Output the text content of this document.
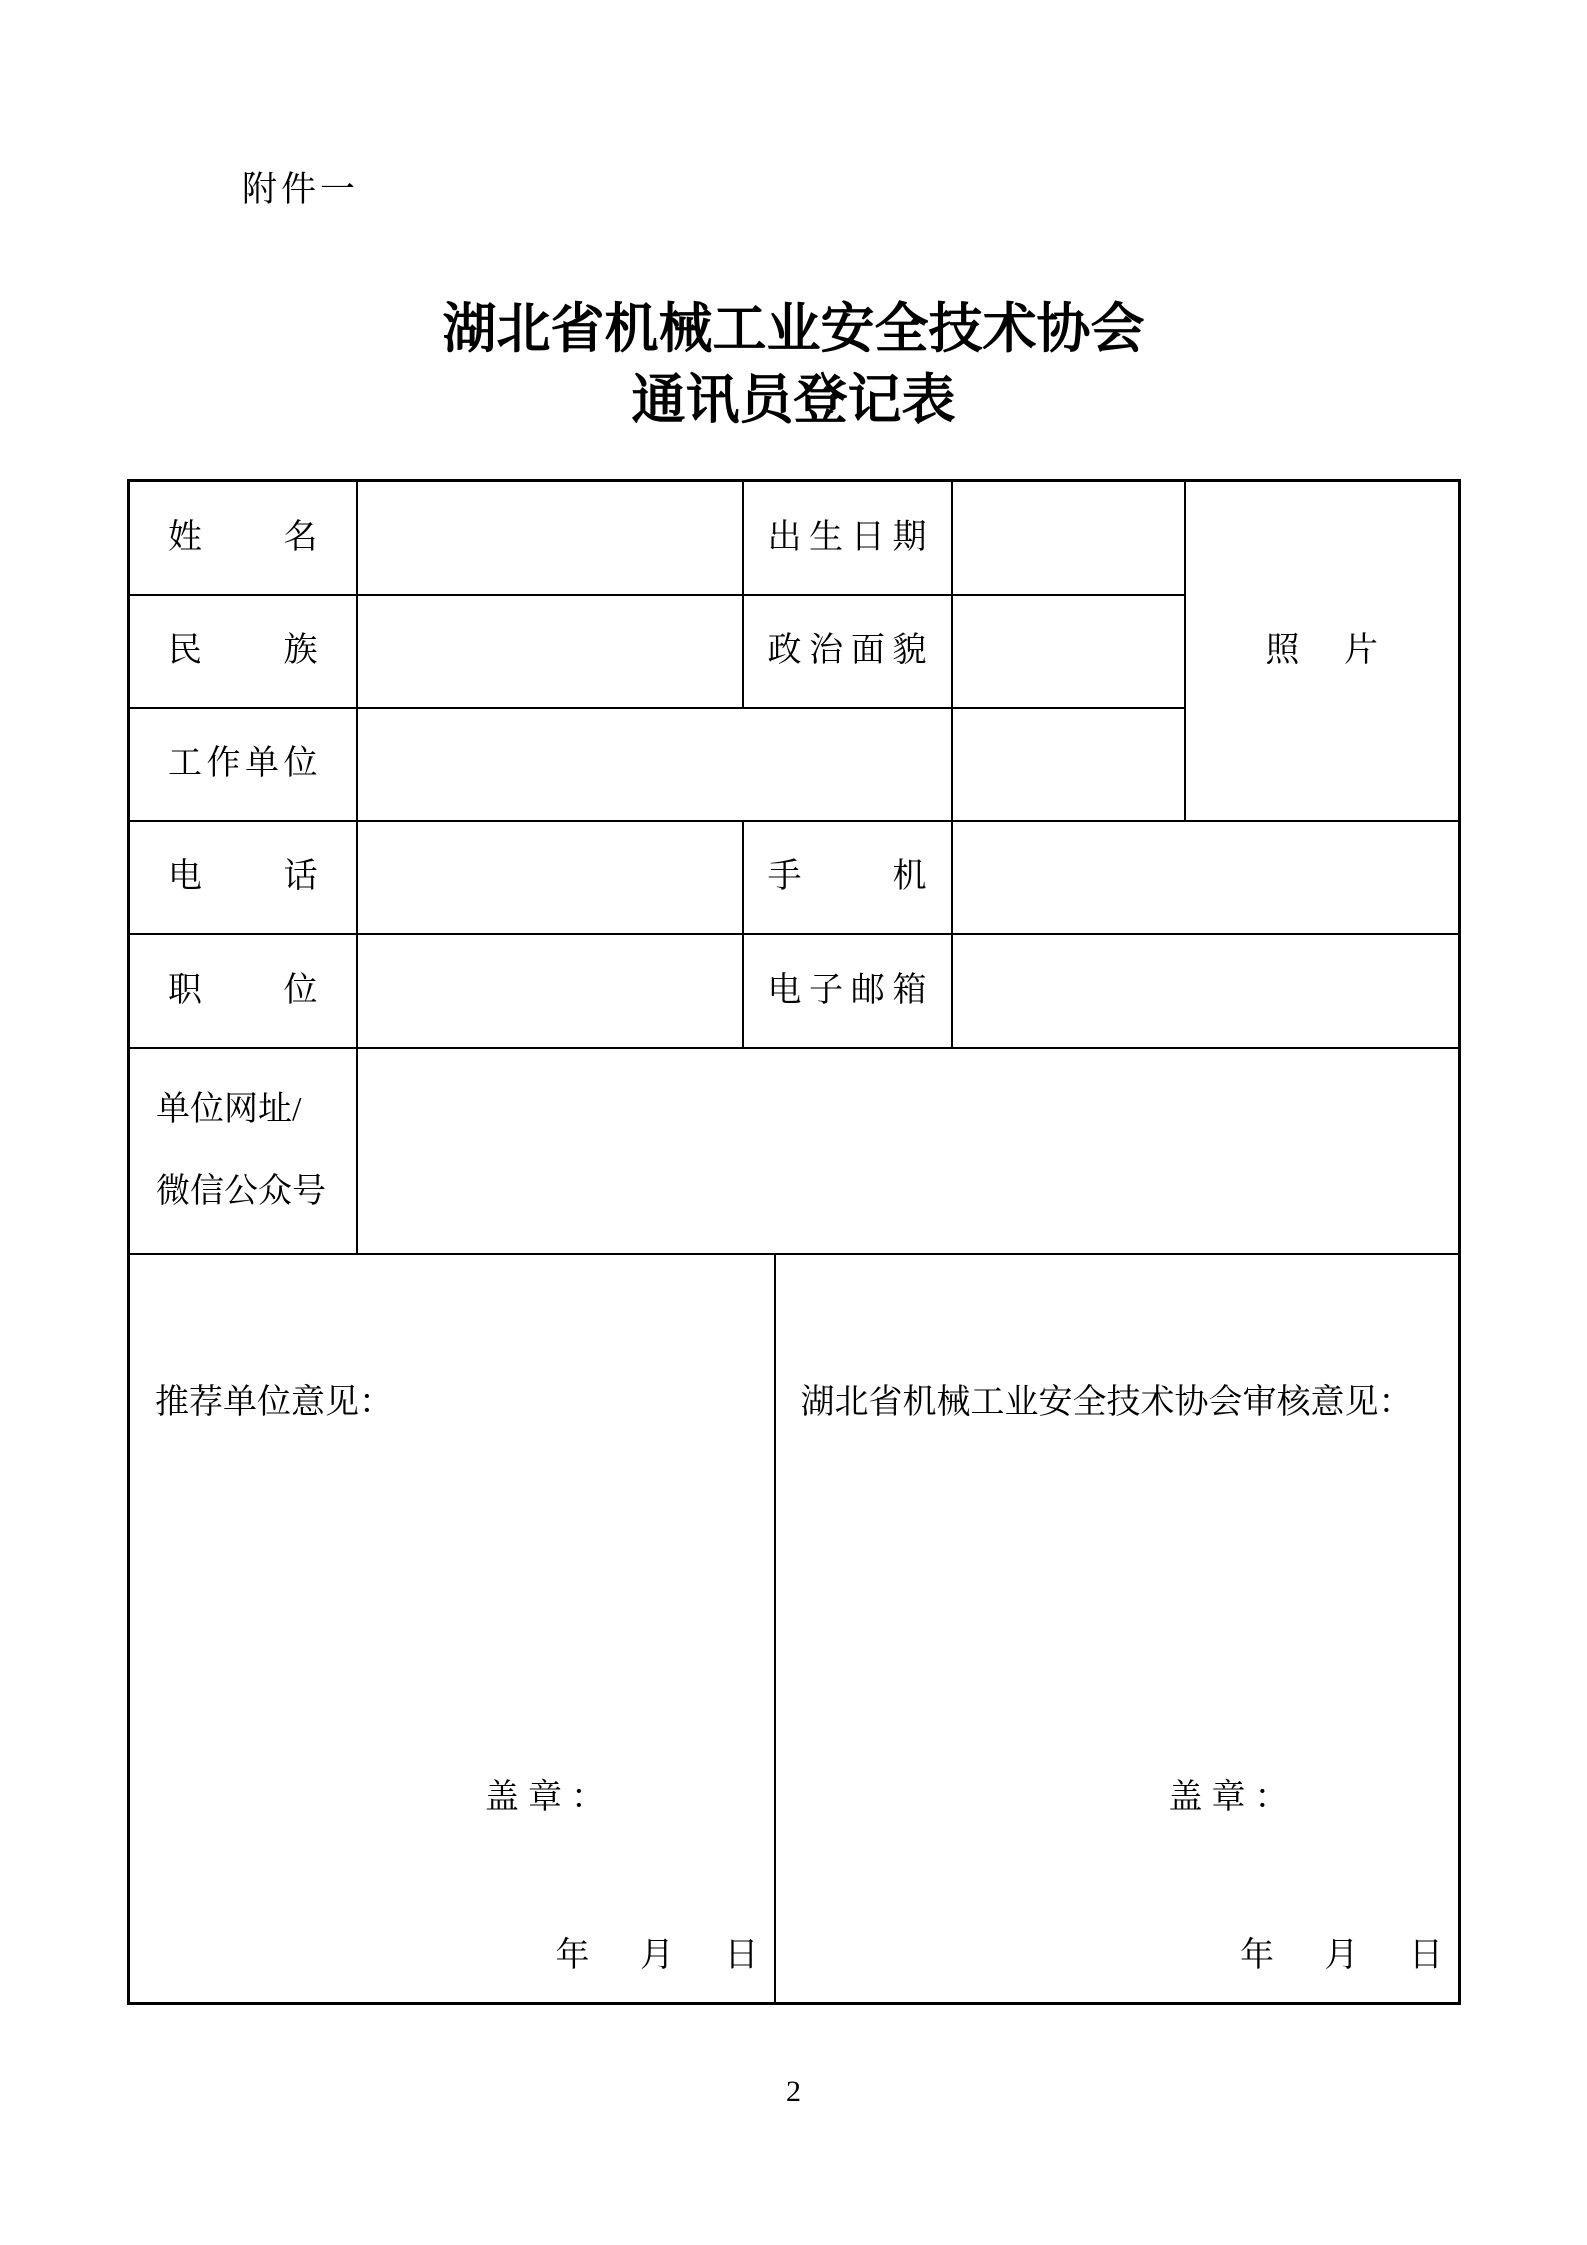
附件一
湖北省机械工业安全技术协会
通讯员登记表
姓名		出生日期			照片

民族		政治面貌			

工作单位					

电话		手机			

职位		电子邮箱			

单位网址/
微信公众号					

推荐单位意见：
盖章：
年 月 日

湖北省机械工业安全技术协会审核意见：
盖章：
年 月 日
2
